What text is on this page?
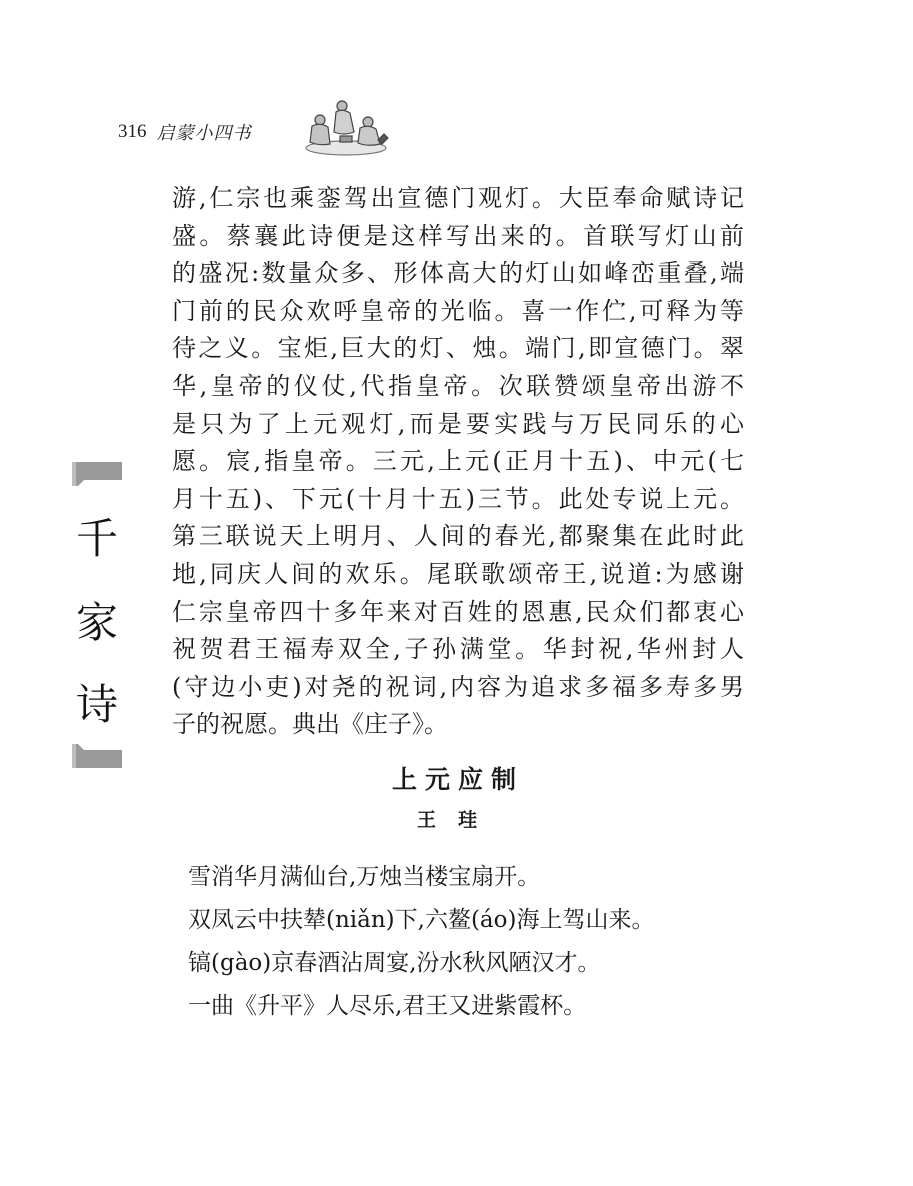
316 启蒙小四书
千
家
诗
游,仁宗也乘銮驾出宣德门观灯。大臣奉命赋诗记
盛。蔡襄此诗便是这样写出来的。首联写灯山前
的盛况:数量众多、形体高大的灯山如峰峦重叠,端
门前的民众欢呼皇帝的光临。喜一作伫,可释为等
待之义。宝炬,巨大的灯、烛。端门,即宣德门。翠
华,皇帝的仪仗,代指皇帝。次联赞颂皇帝出游不
是只为了上元观灯,而是要实践与万民同乐的心
愿。宸,指皇帝。三元,上元(正月十五)、中元(七
月十五)、下元(十月十五)三节。此处专说上元。
第三联说天上明月、人间的春光,都聚集在此时此
地,同庆人间的欢乐。尾联歌颂帝王,说道:为感谢
仁宗皇帝四十多年来对百姓的恩惠,民众们都衷心
祝贺君王福寿双全,子孙满堂。华封祝,华州封人
(守边小吏)对尧的祝词,内容为追求多福多寿多男
子的祝愿。典出《庄子》。
上元应制
王珪
雪消华月满仙台,万烛当楼宝扇开。
双凤云中扶辇(niǎn)下,六鳌(áo)海上驾山来。
镐(gào)京春酒沾周宴,汾水秋风陋汉才。
一曲《升平》人尽乐,君王又进紫霞杯。
